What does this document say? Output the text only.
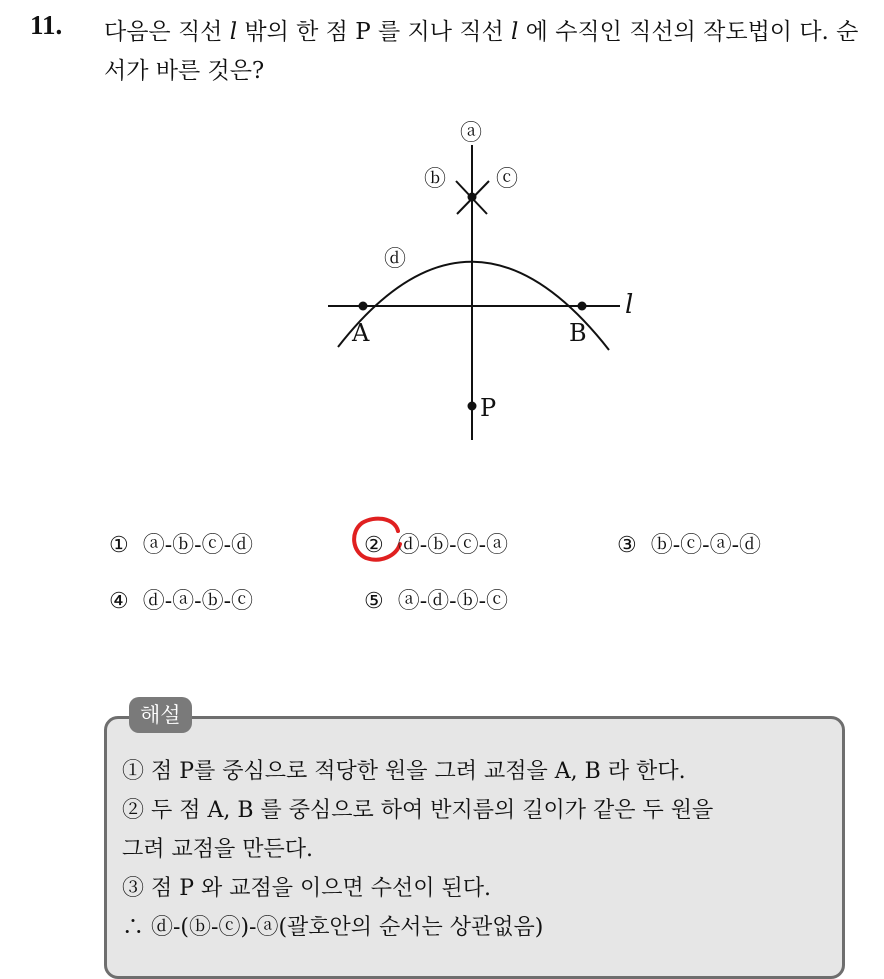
11. 다음은 직선 l 밖의 한 점 P 를 지나 직선 l 에 수직인 직선의 작도법이 다. 순서가 바른 것은?
ⓐ
ⓑ ⓒ
ⓓ
A	B
P
l
① ⓐ-ⓑ-ⓒ-ⓓ	② ⓓ-ⓑ-ⓒ-ⓐ	③ ⓑ-ⓒ-ⓐ-ⓓ
④ ⓓ-ⓐ-ⓑ-ⓒ	⑤ ⓐ-ⓓ-ⓑ-ⓒ
해설
① 점 P를 중심으로 적당한 원을 그려 교점을 A, B 라 한다.
② 두 점 A, B 를 중심으로 하여 반지름의 길이가 같은 두 원을
그려 교점을 만든다.
③ 점 P 와 교점을 이으면 수선이 된다.
∴ ⓓ-(ⓑ-ⓒ)-ⓐ(괄호안의 순서는 상관없음)
